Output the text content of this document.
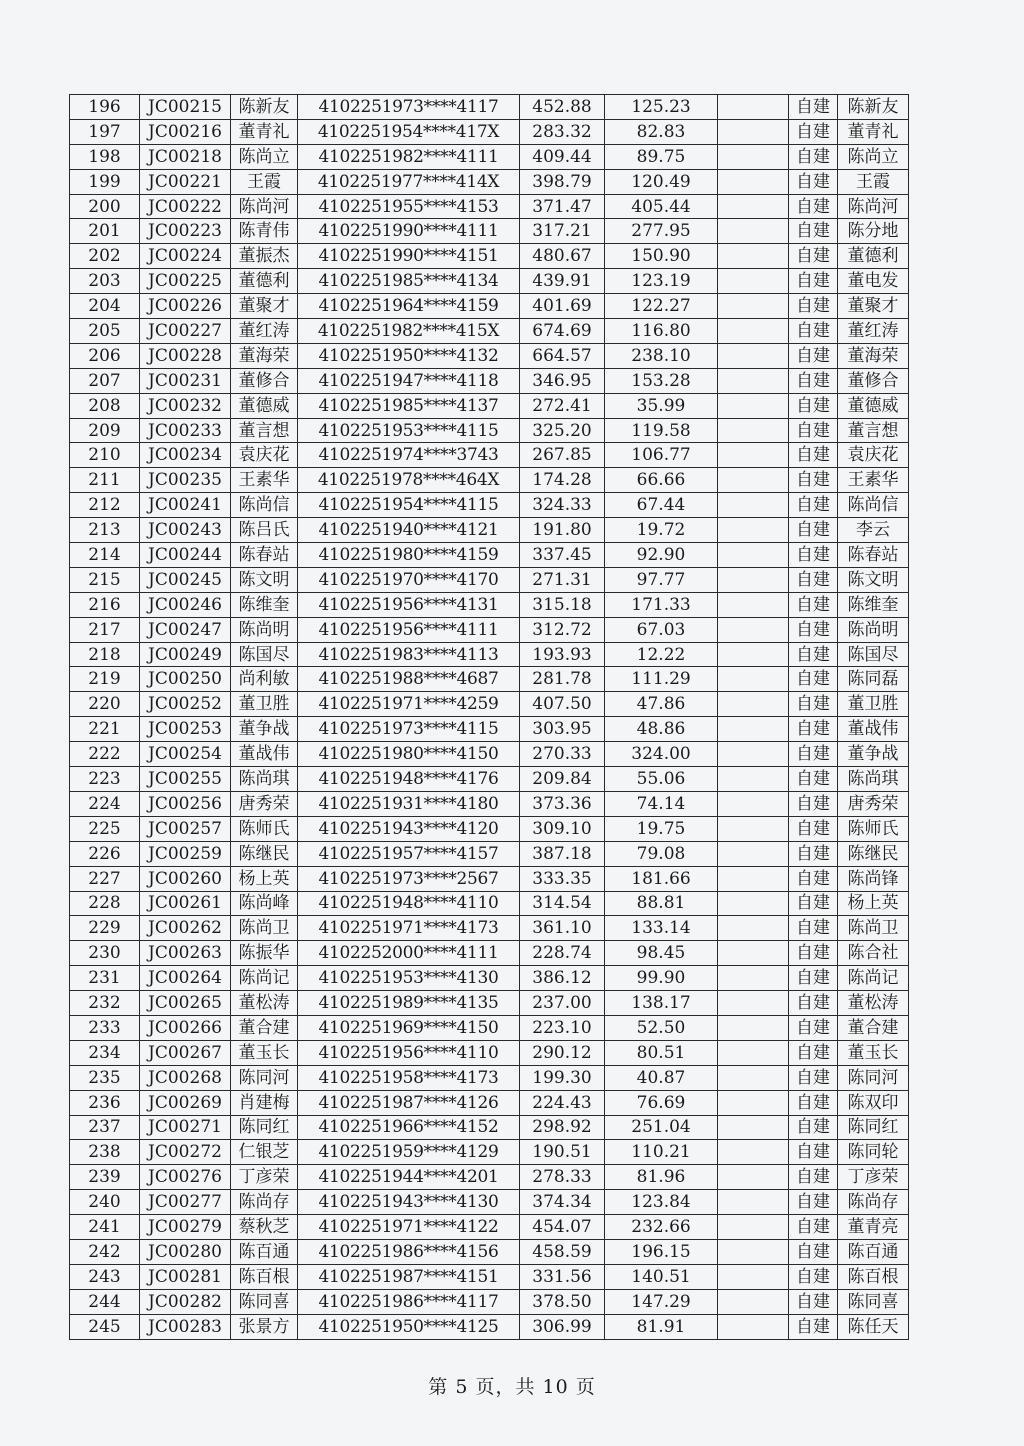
196	JC00215	陈新友	4102251973****4117	452.88	125.23		自建	陈新友
197	JC00216	董青礼	4102251954****417X	283.32	82.83		自建	董青礼
198	JC00218	陈尚立	4102251982****4111	409.44	89.75		自建	陈尚立
199	JC00221	王霞	4102251977****414X	398.79	120.49		自建	王霞
200	JC00222	陈尚河	4102251955****4153	371.47	405.44		自建	陈尚河
201	JC00223	陈青伟	4102251990****4111	317.21	277.95		自建	陈分地
202	JC00224	董振杰	4102251990****4151	480.67	150.90		自建	董德利
203	JC00225	董德利	4102251985****4134	439.91	123.19		自建	董电发
204	JC00226	董聚才	4102251964****4159	401.69	122.27		自建	董聚才
205	JC00227	董红涛	4102251982****415X	674.69	116.80		自建	董红涛
206	JC00228	董海荣	4102251950****4132	664.57	238.10		自建	董海荣
207	JC00231	董修合	4102251947****4118	346.95	153.28		自建	董修合
208	JC00232	董德威	4102251985****4137	272.41	35.99		自建	董德威
209	JC00233	董言想	4102251953****4115	325.20	119.58		自建	董言想
210	JC00234	袁庆花	4102251974****3743	267.85	106.77		自建	袁庆花
211	JC00235	王素华	4102251978****464X	174.28	66.66		自建	王素华
212	JC00241	陈尚信	4102251954****4115	324.33	67.44		自建	陈尚信
213	JC00243	陈吕氏	4102251940****4121	191.80	19.72		自建	李云
214	JC00244	陈春站	4102251980****4159	337.45	92.90		自建	陈春站
215	JC00245	陈文明	4102251970****4170	271.31	97.77		自建	陈文明
216	JC00246	陈维奎	4102251956****4131	315.18	171.33		自建	陈维奎
217	JC00247	陈尚明	4102251956****4111	312.72	67.03		自建	陈尚明
218	JC00249	陈国尽	4102251983****4113	193.93	12.22		自建	陈国尽
219	JC00250	尚利敏	4102251988****4687	281.78	111.29		自建	陈同磊
220	JC00252	董卫胜	4102251971****4259	407.50	47.86		自建	董卫胜
221	JC00253	董争战	4102251973****4115	303.95	48.86		自建	董战伟
222	JC00254	董战伟	4102251980****4150	270.33	324.00		自建	董争战
223	JC00255	陈尚琪	4102251948****4176	209.84	55.06		自建	陈尚琪
224	JC00256	唐秀荣	4102251931****4180	373.36	74.14		自建	唐秀荣
225	JC00257	陈师氏	4102251943****4120	309.10	19.75		自建	陈师氏
226	JC00259	陈继民	4102251957****4157	387.18	79.08		自建	陈继民
227	JC00260	杨上英	4102251973****2567	333.35	181.66		自建	陈尚锋
228	JC00261	陈尚峰	4102251948****4110	314.54	88.81		自建	杨上英
229	JC00262	陈尚卫	4102251971****4173	361.10	133.14		自建	陈尚卫
230	JC00263	陈振华	4102252000****4111	228.74	98.45		自建	陈合社
231	JC00264	陈尚记	4102251953****4130	386.12	99.90		自建	陈尚记
232	JC00265	董松涛	4102251989****4135	237.00	138.17		自建	董松涛
233	JC00266	董合建	4102251969****4150	223.10	52.50		自建	董合建
234	JC00267	董玉长	4102251956****4110	290.12	80.51		自建	董玉长
235	JC00268	陈同河	4102251958****4173	199.30	40.87		自建	陈同河
236	JC00269	肖建梅	4102251987****4126	224.43	76.69		自建	陈双印
237	JC00271	陈同红	4102251966****4152	298.92	251.04		自建	陈同红
238	JC00272	仁银芝	4102251959****4129	190.51	110.21		自建	陈同轮
239	JC00276	丁彦荣	4102251944****4201	278.33	81.96		自建	丁彦荣
240	JC00277	陈尚存	4102251943****4130	374.34	123.84		自建	陈尚存
241	JC00279	蔡秋芝	4102251971****4122	454.07	232.66		自建	董青亮
242	JC00280	陈百通	4102251986****4156	458.59	196.15		自建	陈百通
243	JC00281	陈百根	4102251987****4151	331.56	140.51		自建	陈百根
244	JC00282	陈同喜	4102251986****4117	378.50	147.29		自建	陈同喜
245	JC00283	张景方	4102251950****4125	306.99	81.91		自建	陈任天
第 5 页，共 10 页
